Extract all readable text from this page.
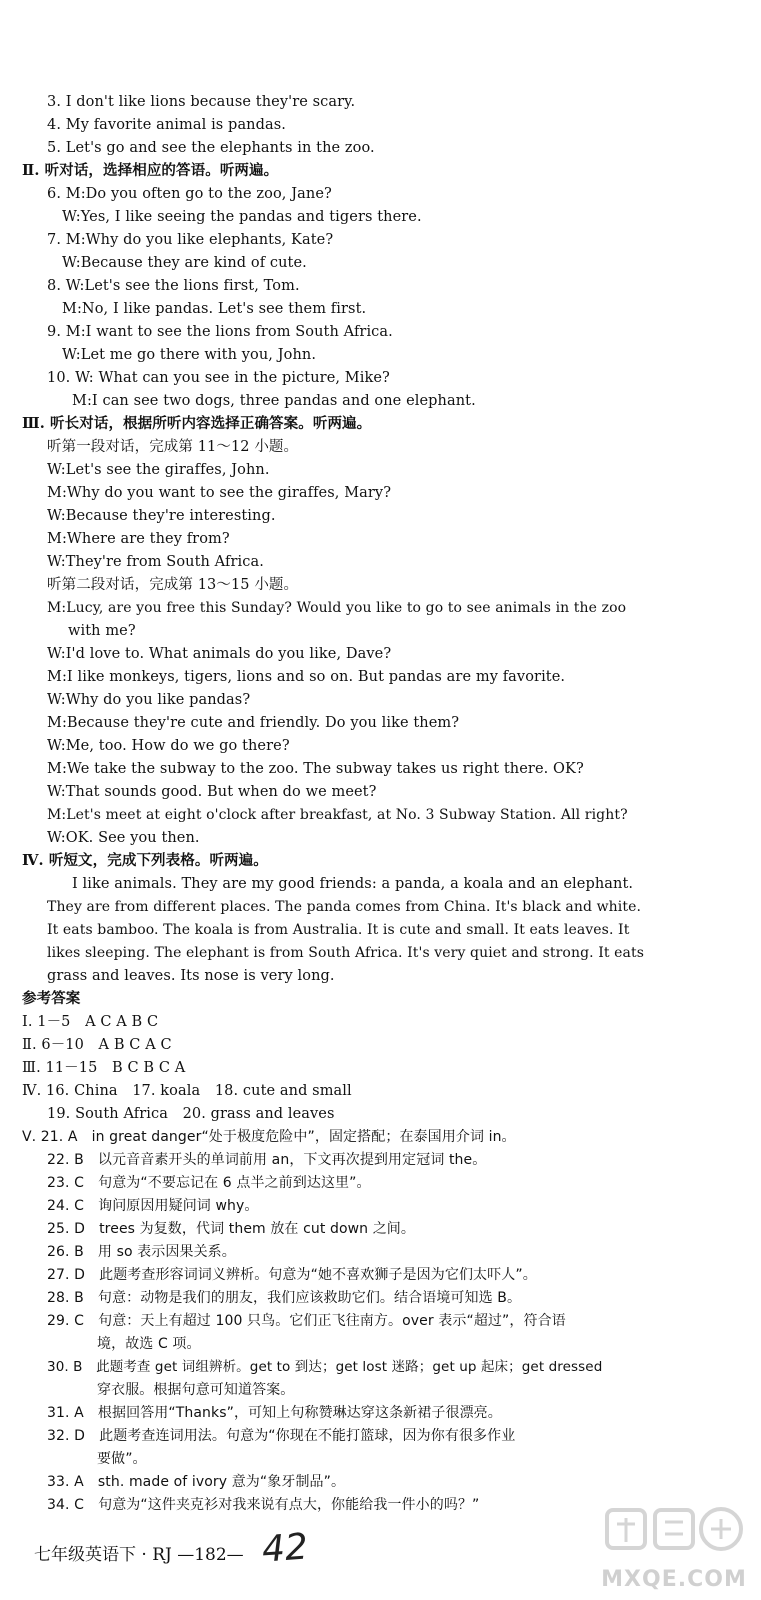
3. I don't like lions because they're scary.
4. My favorite animal is pandas.
5. Let's go and see the elephants in the zoo.
Ⅱ. 听对话，选择相应的答语。听两遍。
6. M:Do you often go to the zoo, Jane?
W:Yes, I like seeing the pandas and tigers there.
7. M:Why do you like elephants, Kate?
W:Because they are kind of cute.
8. W:Let's see the lions first, Tom.
M:No, I like pandas. Let's see them first.
9. M:I want to see the lions from South Africa.
W:Let me go there with you, John.
10. W: What can you see in the picture, Mike?
M:I can see two dogs, three pandas and one elephant.
Ⅲ. 听长对话，根据所听内容选择正确答案。听两遍。
听第一段对话，完成第 11～12 小题。
W:Let's see the giraffes, John.
M:Why do you want to see the giraffes, Mary?
W:Because they're interesting.
M:Where are they from?
W:They're from South Africa.
听第二段对话，完成第 13～15 小题。
M:Lucy, are you free this Sunday? Would you like to go to see animals in the zoo
with me?
W:I'd love to. What animals do you like, Dave?
M:I like monkeys, tigers, lions and so on. But pandas are my favorite.
W:Why do you like pandas?
M:Because they're cute and friendly. Do you like them?
W:Me, too. How do we go there?
M:We take the subway to the zoo. The subway takes us right there. OK?
W:That sounds good. But when do we meet?
M:Let's meet at eight o'clock after breakfast, at No. 3 Subway Station. All right?
W:OK. See you then.
Ⅳ. 听短文，完成下列表格。听两遍。
I like animals. They are my good friends: a panda, a koala and an elephant.
They are from different places. The panda comes from China. It's black and white.
It eats bamboo. The koala is from Australia. It is cute and small. It eats leaves. It
likes sleeping. The elephant is from South Africa. It's very quiet and strong. It eats
grass and leaves. Its nose is very long.
参考答案
Ⅰ. 1－5　A C A B C
Ⅱ. 6－10　A B C A C
Ⅲ. 11－15　B C B C A
Ⅳ. 16. China　17. koala　18. cute and small
19. South Africa　20. grass and leaves
Ⅴ. 21. A　in great danger“处于极度危险中”，固定搭配；在泰国用介词 in。
22. B　以元音音素开头的单词前用 an，下文再次提到用定冠词 the。
23. C　句意为“不要忘记在 6 点半之前到达这里”。
24. C　询问原因用疑问词 why。
25. D　trees 为复数，代词 them 放在 cut down 之间。
26. B　用 so 表示因果关系。
27. D　此题考查形容词词义辨析。句意为“她不喜欢狮子是因为它们太吓人”。
28. B　句意：动物是我们的朋友，我们应该救助它们。结合语境可知选 B。
29. C　句意：天上有超过 100 只鸟。它们正飞往南方。over 表示“超过”，符合语
境，故选 C 项。
30. B　此题考查 get 词组辨析。get to 到达；get lost 迷路；get up 起床；get dressed
穿衣服。根据句意可知道答案。
31. A　根据回答用“Thanks”，可知上句称赞琳达穿这条新裙子很漂亮。
32. D　此题考查连词用法。句意为“你现在不能打篮球，因为你有很多作业
要做”。
33. A　sth. made of ivory 意为“象牙制品”。
34. C　句意为“这件夹克衫对我来说有点大，你能给我一件小的吗？”
七年级英语下 · RJ —182— 42
MXQE.COM
